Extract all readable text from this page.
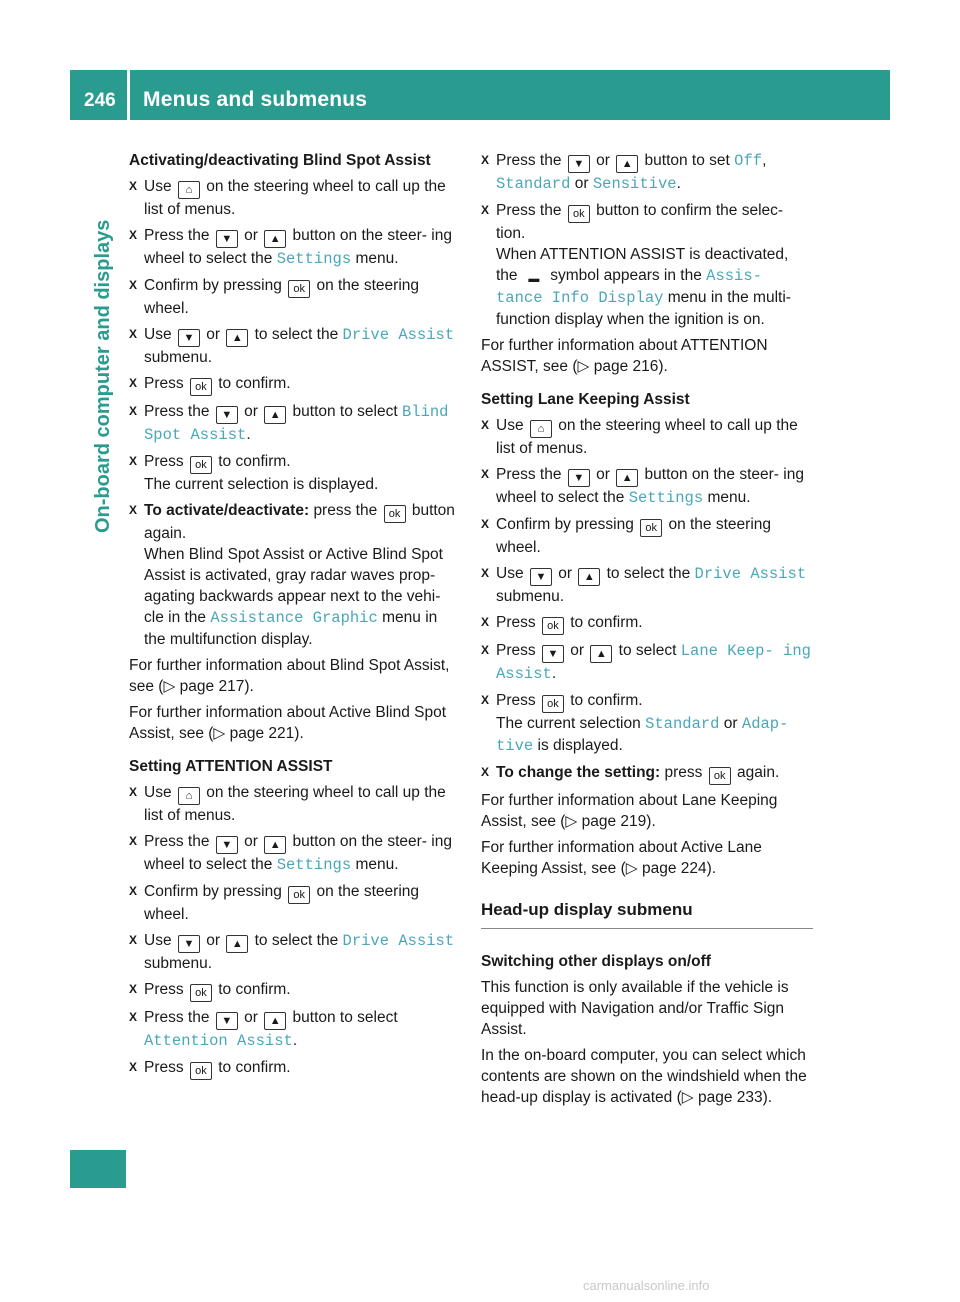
246 Menus and submenus
On-board computer and displays
Activating/deactivating Blind Spot Assist
X Use ⌂ on the steering wheel to call up the list of menus.
X Press the ▼ or ▲ button on the steer- ing wheel to select the Settings menu.
X Confirm by pressing ok on the steering wheel.
X Use ▼ or ▲ to select the Drive Assist submenu.
X Press ok to confirm.
X Press the ▼ or ▲ button to select Blind Spot Assist.
X Press ok to confirm.
The current selection is displayed.
X To activate/deactivate: press the ok button again.
When Blind Spot Assist or Active Blind Spot Assist is activated, gray radar waves prop- agating backwards appear next to the vehi- cle in the Assistance Graphic menu in the multifunction display.
For further information about Blind Spot Assist, see (▷ page 217).
For further information about Active Blind Spot Assist, see (▷ page 221).
Setting ATTENTION ASSIST
X Use ⌂ on the steering wheel to call up the list of menus.
X Press the ▼ or ▲ button on the steer- ing wheel to select the Settings menu.
X Confirm by pressing ok on the steering wheel.
X Use ▼ or ▲ to select the Drive Assist submenu.
X Press ok to confirm.
X Press the ▼ or ▲ button to select Attention Assist.
X Press ok to confirm.
X Press the ▼ or ▲ button to set Off, Standard or Sensitive.
X Press the ok button to confirm the selec- tion.
When ATTENTION ASSIST is deactivated, the ▬ symbol appears in the Assis- tance Info Display menu in the multi- function display when the ignition is on.
For further information about ATTENTION ASSIST, see (▷ page 216).
Setting Lane Keeping Assist
X Use ⌂ on the steering wheel to call up the list of menus.
X Press the ▼ or ▲ button on the steer- ing wheel to select the Settings menu.
X Confirm by pressing ok on the steering wheel.
X Use ▼ or ▲ to select the Drive Assist submenu.
X Press ok to confirm.
X Press ▼ or ▲ to select Lane Keep- ing Assist.
X Press ok to confirm.
The current selection Standard or Adap- tive is displayed.
X To change the setting: press ok again.
For further information about Lane Keeping Assist, see (▷ page 219).
For further information about Active Lane Keeping Assist, see (▷ page 224).
Head-up display submenu
Switching other displays on/off
This function is only available if the vehicle is equipped with Navigation and/or Traffic Sign Assist.
In the on-board computer, you can select which contents are shown on the windshield when the head-up display is activated (▷ page 233).
carmanualsonline.info
